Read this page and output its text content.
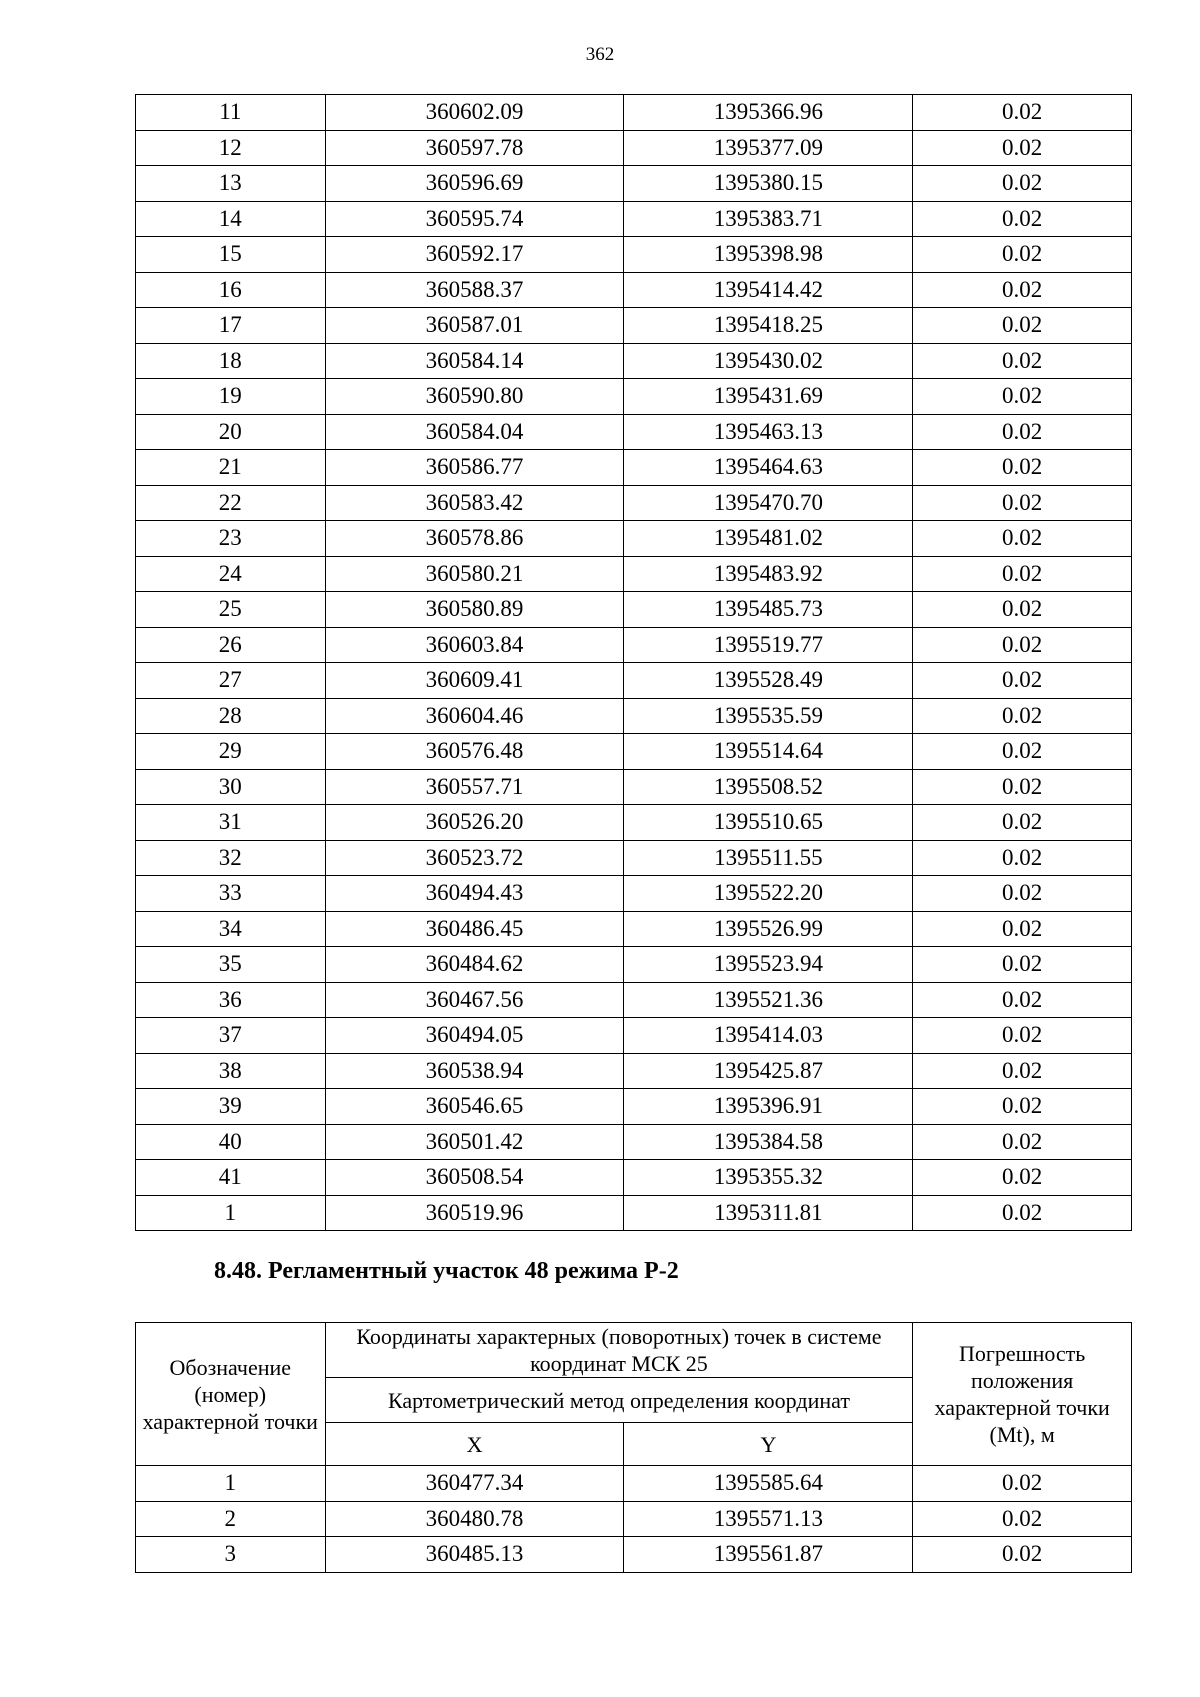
362
11	360602.09	1395366.96	0.02
12	360597.78	1395377.09	0.02
13	360596.69	1395380.15	0.02
14	360595.74	1395383.71	0.02
15	360592.17	1395398.98	0.02
16	360588.37	1395414.42	0.02
17	360587.01	1395418.25	0.02
18	360584.14	1395430.02	0.02
19	360590.80	1395431.69	0.02
20	360584.04	1395463.13	0.02
21	360586.77	1395464.63	0.02
22	360583.42	1395470.70	0.02
23	360578.86	1395481.02	0.02
24	360580.21	1395483.92	0.02
25	360580.89	1395485.73	0.02
26	360603.84	1395519.77	0.02
27	360609.41	1395528.49	0.02
28	360604.46	1395535.59	0.02
29	360576.48	1395514.64	0.02
30	360557.71	1395508.52	0.02
31	360526.20	1395510.65	0.02
32	360523.72	1395511.55	0.02
33	360494.43	1395522.20	0.02
34	360486.45	1395526.99	0.02
35	360484.62	1395523.94	0.02
36	360467.56	1395521.36	0.02
37	360494.05	1395414.03	0.02
38	360538.94	1395425.87	0.02
39	360546.65	1395396.91	0.02
40	360501.42	1395384.58	0.02
41	360508.54	1395355.32	0.02
1	360519.96	1395311.81	0.02
8.48. Регламентный участок 48 режима Р-2
Обозначение (номер) характерной точки	Координаты характерных (поворотных) точек в системе координат МСК 25		Погрешность положения характерной точки (Mt), м
	Картометрический метод определения координат		
	X	Y	
1	360477.34	1395585.64	0.02
2	360480.78	1395571.13	0.02
3	360485.13	1395561.87	0.02
